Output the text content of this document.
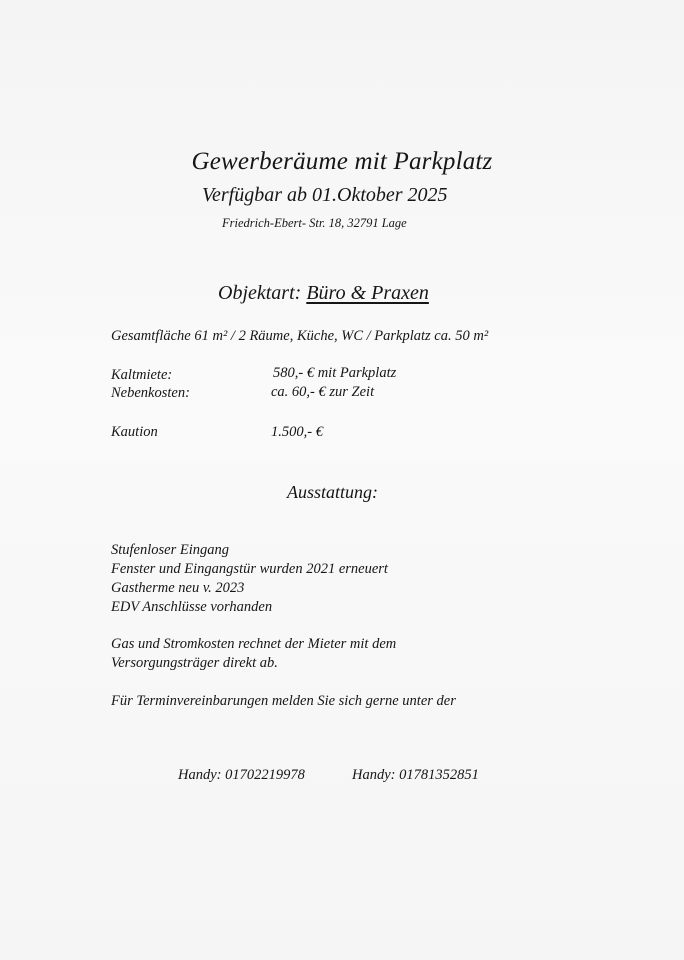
Gewerberäume mit Parkplatz
Verfügbar ab 01.Oktober 2025
Friedrich-Ebert- Str. 18, 32791 Lage
Objektart: Büro & Praxen
Gesamtfläche 61 m² / 2 Räume, Küche, WC / Parkplatz ca. 50 m²
Kaltmiete:	580,- € mit Parkplatz
Nebenkosten:	ca. 60,- € zur Zeit
Kaution	1.500,- €
Ausstattung:
Stufenloser Eingang
Fenster und Eingangstür wurden 2021 erneuert
Gastherme neu v. 2023
EDV Anschlüsse vorhanden
Gas und Stromkosten rechnet der Mieter mit dem
Versorgungsträger direkt ab.
Für Terminvereinbarungen melden Sie sich gerne unter der
Handy: 01702219978	Handy: 01781352851
